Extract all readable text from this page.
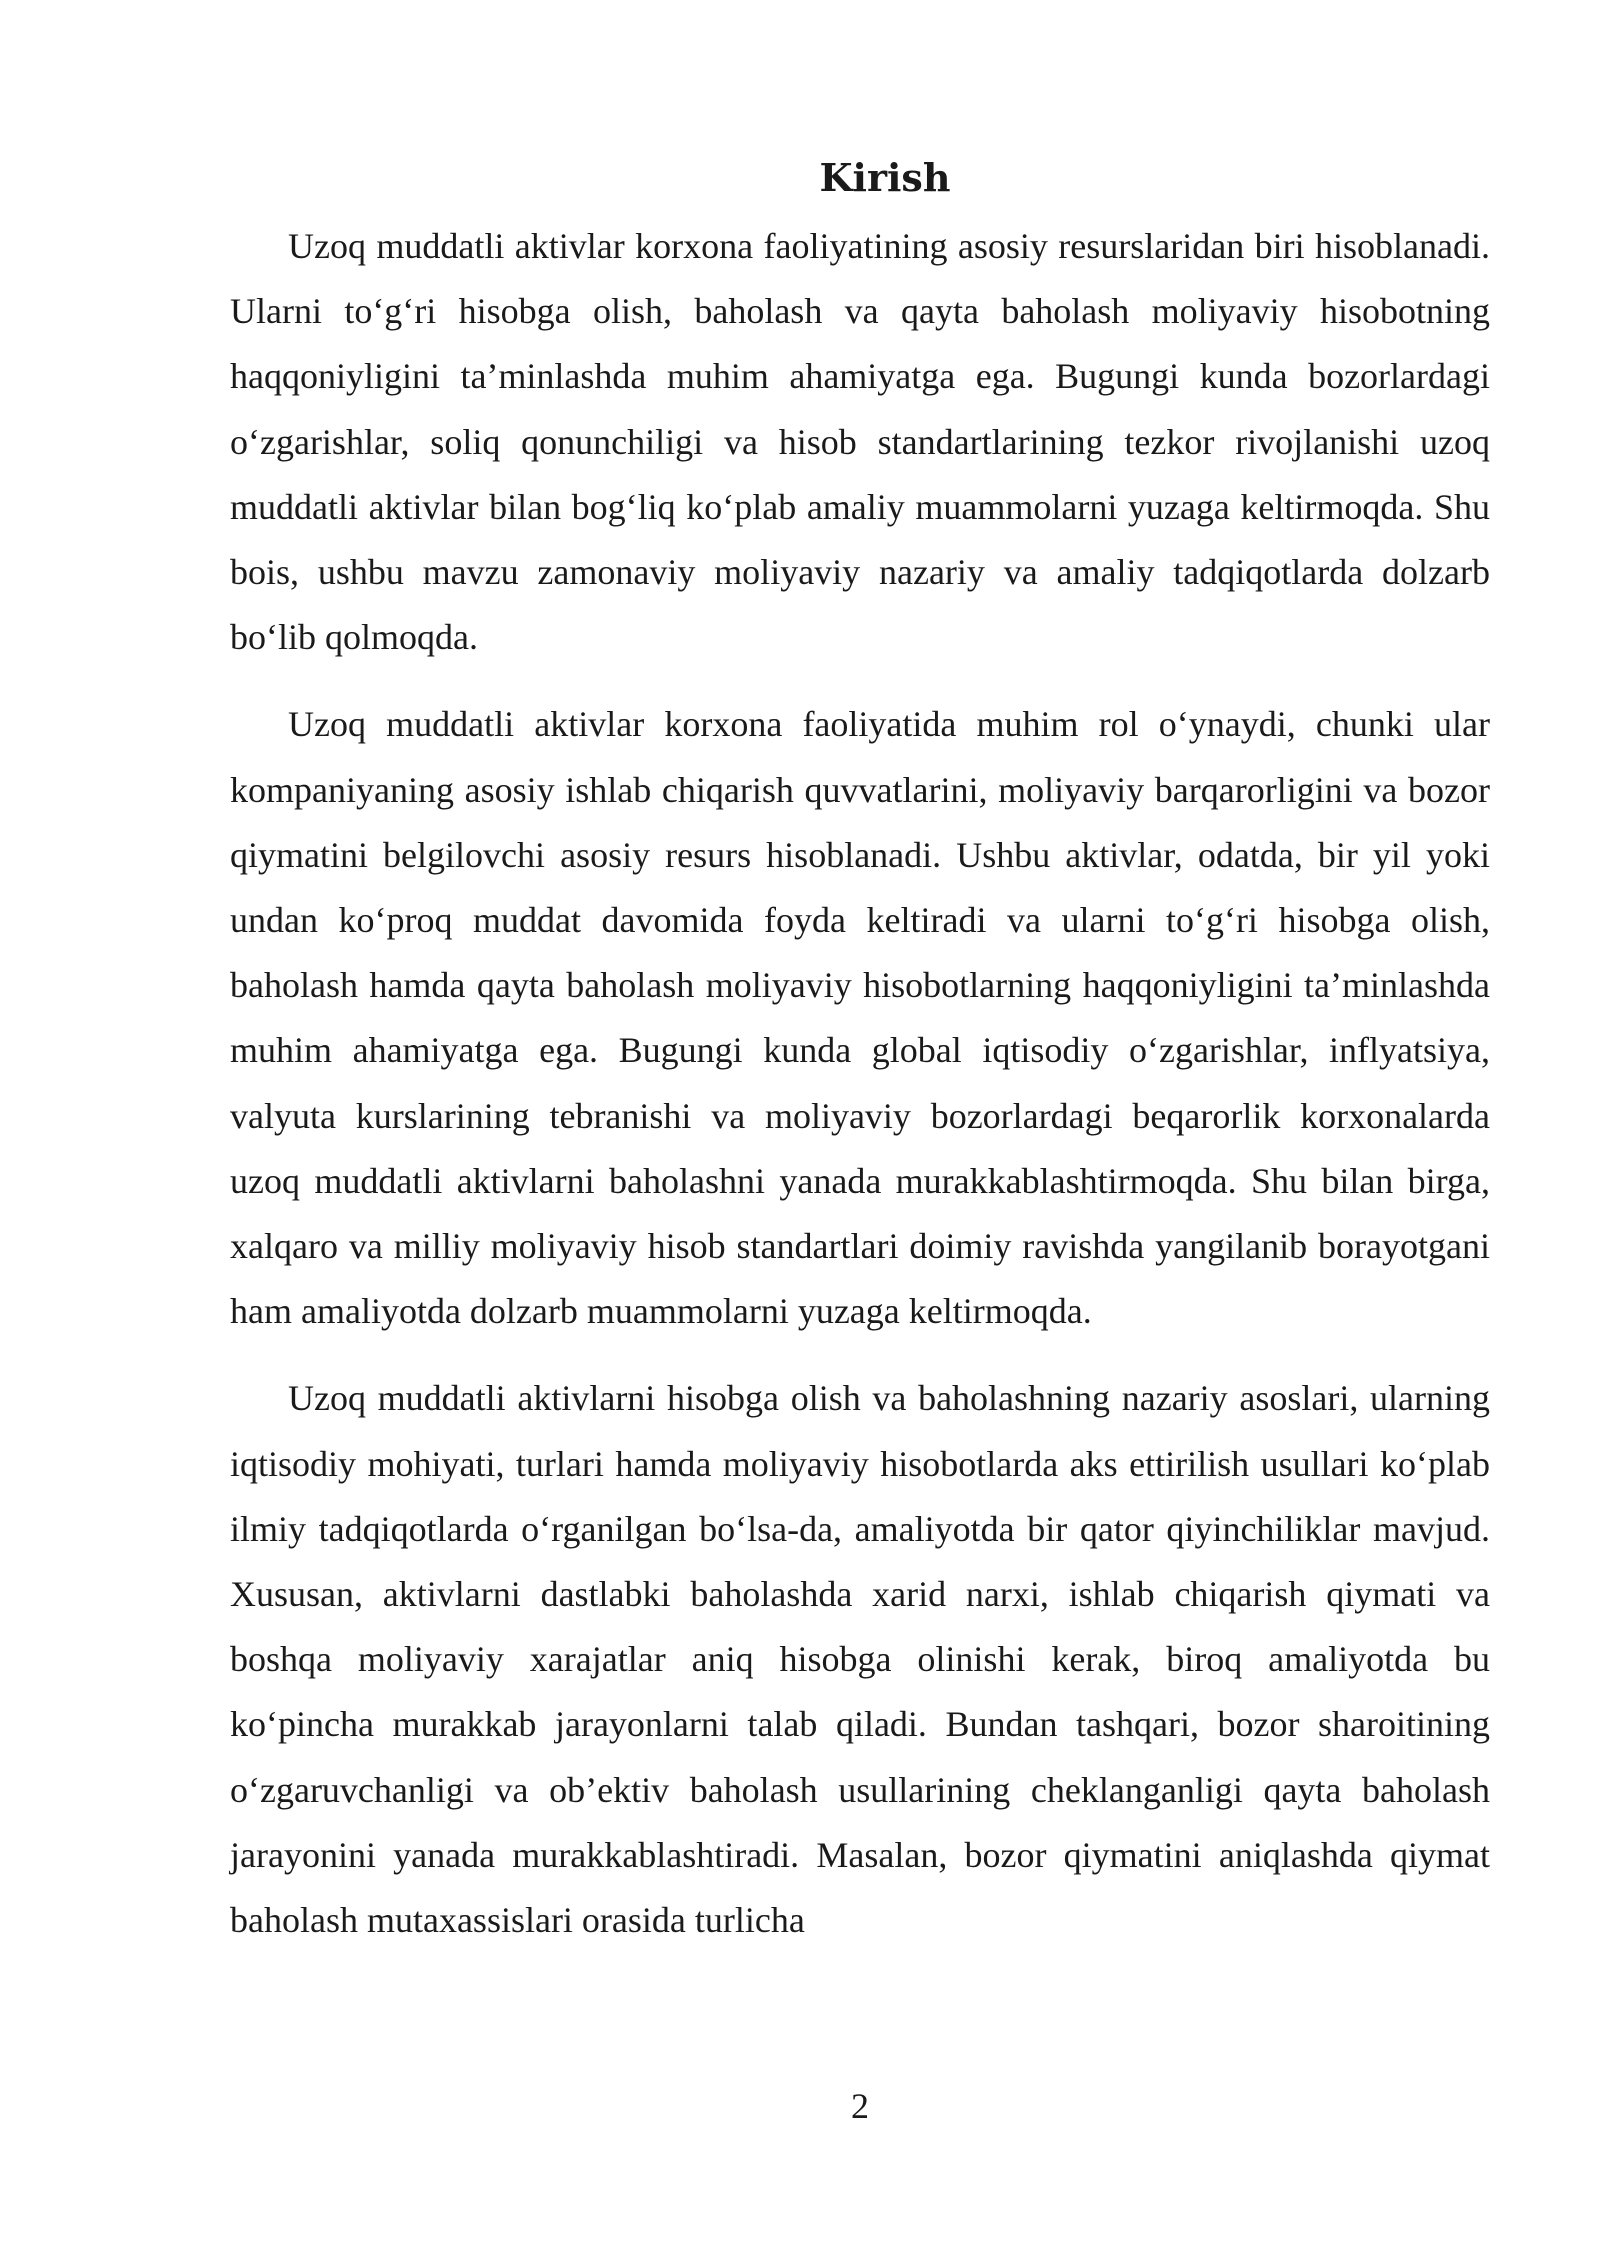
Kirish

Uzoq muddatli aktivlar korxona faoliyatining asosiy resurslaridan biri hisoblanadi. Ularni to‘g‘ri hisobga olish, baholash va qayta baholash moliyaviy hisobotning haqqoniyligini ta’minlashda muhim ahamiyatga ega. Bugungi kunda bozorlardagi o‘zgarishlar, soliq qonunchiligi va hisob standartlarining tezkor rivojlanishi uzoq muddatli aktivlar bilan bog‘liq ko‘plab amaliy muammolarni yuzaga keltirmoqda. Shu bois, ushbu mavzu zamonaviy moliyaviy nazariy va amaliy tadqiqotlarda dolzarb bo‘lib qolmoqda.

Uzoq muddatli aktivlar korxona faoliyatida muhim rol o‘ynaydi, chunki ular kompaniyaning asosiy ishlab chiqarish quvvatlarini, moliyaviy barqarorligini va bozor qiymatini belgilovchi asosiy resurs hisoblanadi. Ushbu aktivlar, odatda, bir yil yoki undan ko‘proq muddat davomida foyda keltiradi va ularni to‘g‘ri hisobga olish, baholash hamda qayta baholash moliyaviy hisobotlarning haqqoniyligini ta’minlashda muhim ahamiyatga ega. Bugungi kunda global iqtisodiy o‘zgarishlar, inflyatsiya, valyuta kurslarining tebranishi va moliyaviy bozorlardagi beqarorlik korxonalarda uzoq muddatli aktivlarni baholashni yanada murakkablashtirmoqda. Shu bilan birga, xalqaro va milliy moliyaviy hisob standartlari doimiy ravishda yangilanib borayotgani ham amaliyotda dolzarb muammolarni yuzaga keltirmoqda.

Uzoq muddatli aktivlarni hisobga olish va baholashning nazariy asoslari, ularning iqtisodiy mohiyati, turlari hamda moliyaviy hisobotlarda aks ettirilish usullari ko‘plab ilmiy tadqiqotlarda o‘rganilgan bo‘lsa-da, amaliyotda bir qator qiyinchiliklar mavjud. Xususan, aktivlarni dastlabki baholashda xarid narxi, ishlab chiqarish qiymati va boshqa moliyaviy xarajatlar aniq hisobga olinishi kerak, biroq amaliyotda bu ko‘pincha murakkab jarayonlarni talab qiladi. Bundan tashqari, bozor sharoitining o‘zgaruvchanligi va ob’ektiv baholash usullarining cheklanganligi qayta baholash jarayonini yanada murakkablashtiradi. Masalan, bozor qiymatini aniqlashda qiymat baholash mutaxassislari orasida turlicha

2
